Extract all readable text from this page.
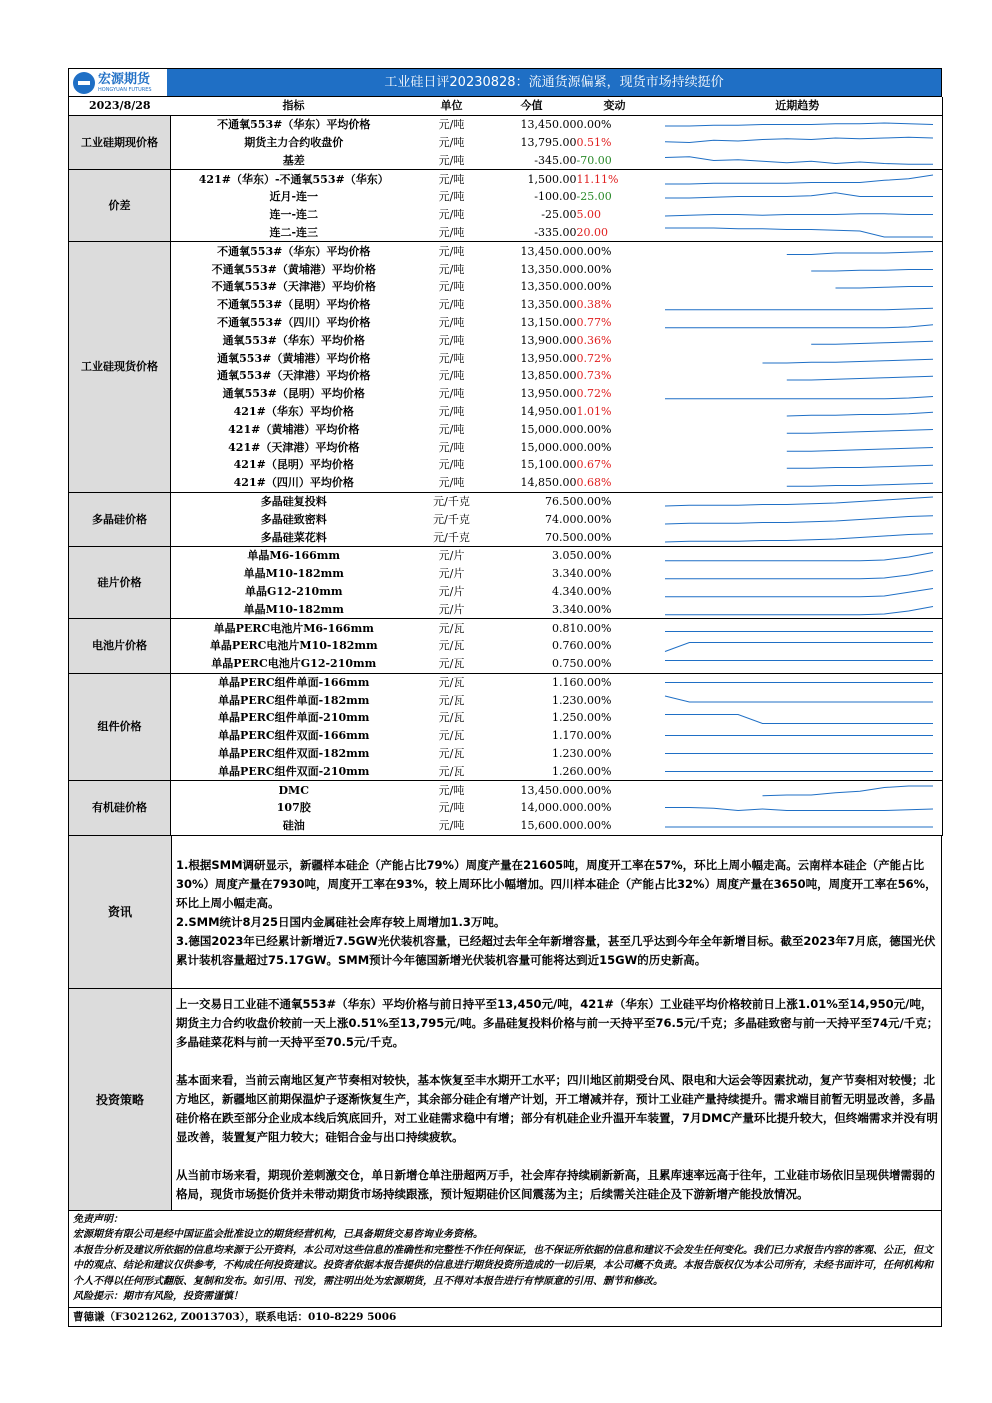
宏源期货
HONGYUAN FUTURES	工业硅日评20230828：流通货源偏紧，现货市场持续挺价
2023/8/28	指标	单位	今值	变动	近期趋势
工业硅期现价格	不通氧553#（华东）平均价格	元/吨	13,450.00	0.00%	

	期货主力合约收盘价	元/吨	13,795.00	0.51%	

	基差	元/吨	-345.00	-70.00	

价差	421#（华东）-不通氧553#（华东）	元/吨	1,500.00	11.11%	

	近月-连一	元/吨	-100.00	-25.00	

	连一-连二	元/吨	-25.00	5.00	

	连二-连三	元/吨	-335.00	20.00	

工业硅现货价格	不通氧553#（华东）平均价格	元/吨	13,450.00	0.00%	

	不通氧553#（黄埔港）平均价格	元/吨	13,350.00	0.00%	

	不通氧553#（天津港）平均价格	元/吨	13,350.00	0.00%	

	不通氧553#（昆明）平均价格	元/吨	13,350.00	0.38%	

	不通氧553#（四川）平均价格	元/吨	13,150.00	0.77%	

	通氧553#（华东）平均价格	元/吨	13,900.00	0.36%	

	通氧553#（黄埔港）平均价格	元/吨	13,950.00	0.72%	

	通氧553#（天津港）平均价格	元/吨	13,850.00	0.73%	

	通氧553#（昆明）平均价格	元/吨	13,950.00	0.72%	

	421#（华东）平均价格	元/吨	14,950.00	1.01%	

	421#（黄埔港）平均价格	元/吨	15,000.00	0.00%	

	421#（天津港）平均价格	元/吨	15,000.00	0.00%	

	421#（昆明）平均价格	元/吨	15,100.00	0.67%	

	421#（四川）平均价格	元/吨	14,850.00	0.68%	

多晶硅价格	多晶硅复投料	元/千克	76.50	0.00%	

	多晶硅致密料	元/千克	74.00	0.00%	

	多晶硅菜花料	元/千克	70.50	0.00%	

硅片价格	单晶M6-166mm	元/片	3.05	0.00%	

	单晶M10-182mm	元/片	3.34	0.00%	

	单晶G12-210mm	元/片	4.34	0.00%	

	单晶M10-182mm	元/片	3.34	0.00%	

电池片价格	单晶PERC电池片M6-166mm	元/瓦	0.81	0.00%	

	单晶PERC电池片M10-182mm	元/瓦	0.76	0.00%	

	单晶PERC电池片G12-210mm	元/瓦	0.75	0.00%	

组件价格	单晶PERC组件单面-166mm	元/瓦	1.16	0.00%	

	单晶PERC组件单面-182mm	元/瓦	1.23	0.00%	

	单晶PERC组件单面-210mm	元/瓦	1.25	0.00%	

	单晶PERC组件双面-166mm	元/瓦	1.17	0.00%	

	单晶PERC组件双面-182mm	元/瓦	1.23	0.00%	

	单晶PERC组件双面-210mm	元/瓦	1.26	0.00%	

有机硅价格	DMC	元/吨	13,450.00	0.00%	

	107胶	元/吨	14,000.00	0.00%	

	硅油	元/吨	15,600.00	0.00%	
资讯

1.根据SMM调研显示，新疆样本硅企（产能占比79%）周度产量在21605吨，周度开工率在57%，环比上周小幅走高。云南样本硅企（产能占比30%）周度产量在7930吨，周度开工率在93%，较上周环比小幅增加。四川样本硅企（产能占比32%）周度产量在3650吨，周度开工率在56%，环比上周小幅走高。

2.SMM统计8月25日国内金属硅社会库存较上周增加1.3万吨。

3.德国2023年已经累计新增近7.5GW光伏装机容量，已经超过去年全年新增容量，甚至几乎达到今年全年新增目标。截至2023年7月底，德国光伏累计装机容量超过75.17GW。SMM预计今年德国新增光伏装机容量可能将达到近15GW的历史新高。

投资策略

上一交易日工业硅不通氧553#（华东）平均价格与前日持平至13,450元/吨，421#（华东）工业硅平均价格较前日上涨1.01%至14,950元/吨，期货主力合约收盘价较前一天上涨0.51%至13,795元/吨。多晶硅复投料价格与前一天持平至76.5元/千克；多晶硅致密与前一天持平至74元/千克；多晶硅菜花料与前一天持平至70.5元/千克。

基本面来看，当前云南地区复产节奏相对较快，基本恢复至丰水期开工水平；四川地区前期受台风、限电和大运会等因素扰动，复产节奏相对较慢；北方地区，新疆地区前期保温炉子逐渐恢复生产，其余部分硅企有增产计划，开工增减并存，预计工业硅产量持续提升。需求端目前暂无明显改善，多晶硅价格在跌至部分企业成本线后筑底回升，对工业硅需求稳中有增；部分有机硅企业升温开车装置，7月DMC产量环比提升较大，但终端需求并没有明显改善，装置复产阻力较大；硅铝合金与出口持续疲软。

从当前市场来看，期现价差刺激交仓，单日新增仓单注册超两万手，社会库存持续刷新新高，且累库速率远高于往年，工业硅市场依旧呈现供增需弱的格局，现货市场挺价货并未带动期货市场持续跟涨，预计短期硅价区间震荡为主；后续需关注硅企及下游新增产能投放情况。

免责声明：

宏源期货有限公司是经中国证监会批准设立的期货经营机构，已具备期货交易咨询业务资格。

本报告分析及建议所依据的信息均来源于公开资料，本公司对这些信息的准确性和完整性不作任何保证，也不保证所依据的信息和建议不会发生任何变化。我们已力求报告内容的客观、公正，但文中的观点、结论和建议仅供参考，不构成任何投资建议。投资者依据本报告提供的信息进行期货投资所造成的一切后果，本公司概不负责。本报告版权仅为本公司所有，未经书面许可，任何机构和个人不得以任何形式翻版、复制和发布。如引用、刊发，需注明出处为宏源期货，且不得对本报告进行有悖原意的引用、删节和修改。

风险提示：期市有风险，投资需谨慎！

曹德谦（F3021262, Z0013703），联系电话：010-8229 5006
